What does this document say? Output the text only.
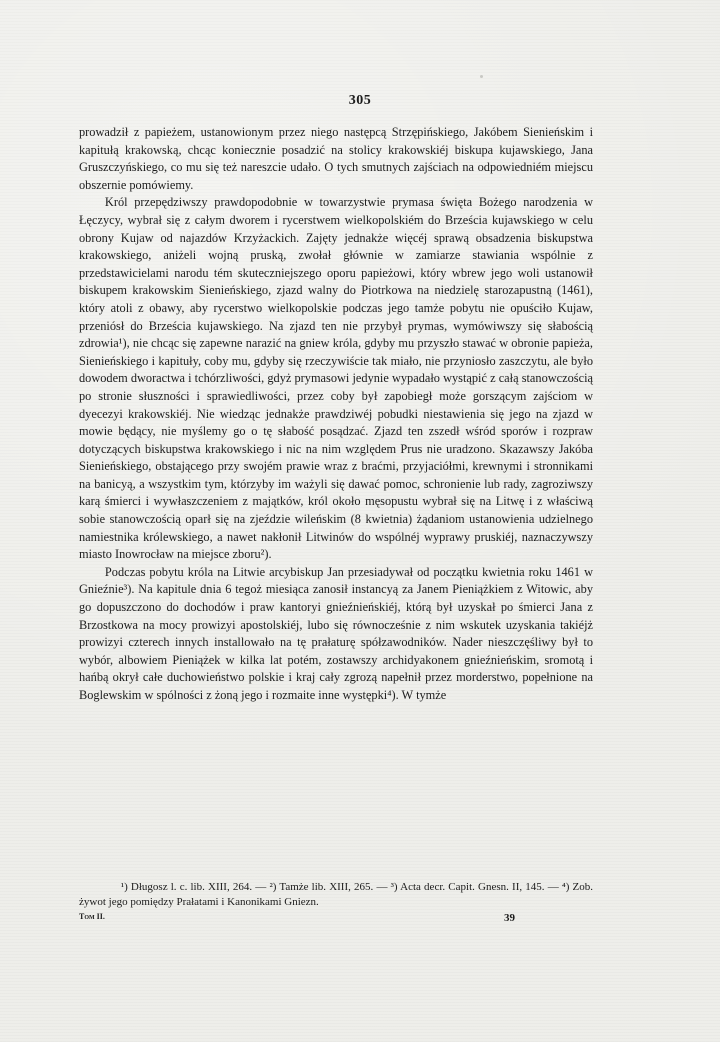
305

prowadził z papieżem, ustanowionym przez niego następcą Strzępińskiego, Jakóbem Sienieńskim i kapitułą krakowską, chcąc koniecznie posadzić na stolicy krakowskiéj biskupa kujawskiego, Jana Gruszczyńskiego, co mu się też nareszcie udało. O tych smutnych zajściach na odpowiedniém miejscu obszernie pomówiemy.

Król przepędziwszy prawdopodobnie w towarzystwie prymasa święta Bożego narodzenia w Łęczycy, wybrał się z całym dworem i rycerstwem wielkopolskiém do Brześcia kujawskiego w celu obrony Kujaw od najazdów Krzyżackich. Zajęty jednakże więcéj sprawą obsadzenia biskupstwa krakowskiego, aniżeli wojną pruską, zwołał głównie w zamiarze stawiania wspólnie z przedstawicielami narodu tém skuteczniejszego oporu papieżowi, który wbrew jego woli ustanowił biskupem krakowskim Sienieńskiego, zjazd walny do Piotrkowa na niedzielę starozapustną (1461), który atoli z obawy, aby rycerstwo wielkopolskie podczas jego tamże pobytu nie opuściło Kujaw, przeniósł do Brześcia kujawskiego. Na zjazd ten nie przybył prymas, wymówiwszy się słabością zdrowia¹), nie chcąc się zapewne narazić na gniew króla, gdyby mu przyszło stawać w obronie papieża, Sienieńskiego i kapituły, coby mu, gdyby się rzeczywiście tak miało, nie przyniosło zaszczytu, ale było dowodem dworactwa i tchórzliwości, gdyż prymasowi jedynie wypadało wystąpić z całą stanowczością po stronie słuszności i sprawiedliwości, przez coby był zapobiegł może gorszącym zajściom w dyecezyi krakowskiéj. Nie wiedząc jednakże prawdziwéj pobudki niestawienia się jego na zjazd w mowie będący, nie myślemy go o tę słabość posądzać. Zjazd ten zszedł wśród sporów i rozpraw dotyczących biskupstwa krakowskiego i nic na nim względem Prus nie uradzono. Skazawszy Jakóba Sienieńskiego, obstającego przy swojém prawie wraz z braćmi, przyjaciółmi, krewnymi i stronnikami na banicyą, a wszystkim tym, którzyby im ważyli się dawać pomoc, schronienie lub rady, zagroziwszy karą śmierci i wywłaszczeniem z majątków, król około męsopustu wybrał się na Litwę i z właściwą sobie stanowczością oparł się na zjeździe wileńskim (8 kwietnia) żądaniom ustanowienia udzielnego namiestnika królewskiego, a nawet nakłonił Litwinów do wspólnéj wyprawy pruskiéj, naznaczywszy miasto Inowrocław na miejsce zboru²).

Podczas pobytu króla na Litwie arcybiskup Jan przesiadywał od początku kwietnia roku 1461 w Gnieźnie³). Na kapitule dnia 6 tegoż miesiąca zanosił instancyą za Janem Pieniążkiem z Witowic, aby go dopuszczono do dochodów i praw kantoryi gnieźnieńskiéj, którą był uzyskał po śmierci Jana z Brzostkowa na mocy prowizyi apostolskiéj, lubo się równocześnie z nim wskutek uzyskania takiéjż prowizyi czterech innych installowało na tę prałaturę spółzawodników. Nader nieszczęśliwy był to wybór, albowiem Pieniążek w kilka lat potém, zostawszy archidyakonem gnieźnieńskim, sromotą i hańbą okrył całe duchowieństwo polskie i kraj cały zgrozą napełnił przez morderstwo, popełnione na Boglewskim w spólności z żoną jego i rozmaite inne występki⁴). W tymże

¹) Długosz l. c. lib. XIII, 264. — ²) Tamże lib. XIII, 265. — ³) Acta decr. Capit. Gnesn. II, 145. — ⁴) Zob. żywot jego pomiędzy Prałatami i Kanonikami Gniezn.
Tom II.	39
